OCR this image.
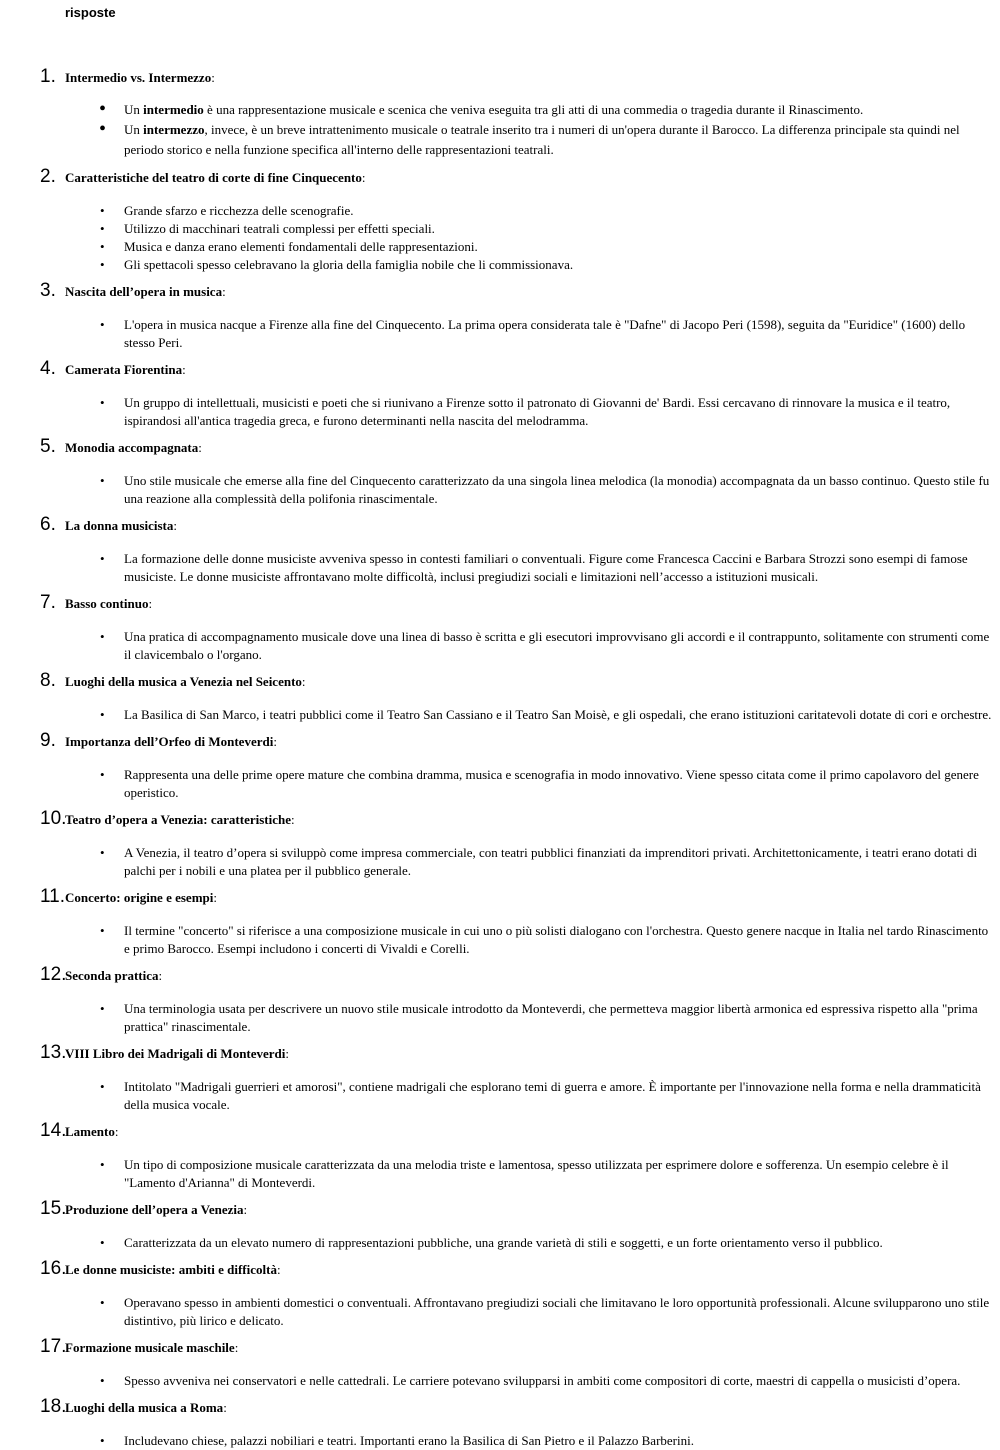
risposte
1. Intermedio vs. Intermezzo:
• Un intermedio è una rappresentazione musicale e scenica che veniva eseguita tra gli atti di una commedia o tragedia durante il Rinascimento.
• Un intermezzo, invece, è un breve intrattenimento musicale o teatrale inserito tra i numeri di un'opera durante il Barocco. La differenza principale sta quindi nel periodo storico e nella funzione specifica all'interno delle rappresentazioni teatrali.
2. Caratteristiche del teatro di corte di fine Cinquecento:
• Grande sfarzo e ricchezza delle scenografie.
• Utilizzo di macchinari teatrali complessi per effetti speciali.
• Musica e danza erano elementi fondamentali delle rappresentazioni.
• Gli spettacoli spesso celebravano la gloria della famiglia nobile che li commissionava.
3. Nascita dell’opera in musica:
• L'opera in musica nacque a Firenze alla fine del Cinquecento. La prima opera considerata tale è "Dafne" di Jacopo Peri (1598), seguita da "Euridice" (1600) dello stesso Peri.
4. Camerata Fiorentina:
• Un gruppo di intellettuali, musicisti e poeti che si riunivano a Firenze sotto il patronato di Giovanni de' Bardi. Essi cercavano di rinnovare la musica e il teatro, ispirandosi all'antica tragedia greca, e furono determinanti nella nascita del melodramma.
5. Monodia accompagnata:
• Uno stile musicale che emerse alla fine del Cinquecento caratterizzato da una singola linea melodica (la monodia) accompagnata da un basso continuo. Questo stile fu una reazione alla complessità della polifonia rinascimentale.
6. La donna musicista:
• La formazione delle donne musiciste avveniva spesso in contesti familiari o conventuali. Figure come Francesca Caccini e Barbara Strozzi sono esempi di famose musiciste. Le donne musiciste affrontavano molte difficoltà, inclusi pregiudizi sociali e limitazioni nell’accesso a istituzioni musicali.
7. Basso continuo:
• Una pratica di accompagnamento musicale dove una linea di basso è scritta e gli esecutori improvvisano gli accordi e il contrappunto, solitamente con strumenti come il clavicembalo o l'organo.
8. Luoghi della musica a Venezia nel Seicento:
• La Basilica di San Marco, i teatri pubblici come il Teatro San Cassiano e il Teatro San Moisè, e gli ospedali, che erano istituzioni caritatevoli dotate di cori e orchestre.
9. Importanza dell’Orfeo di Monteverdi:
• Rappresenta una delle prime opere mature che combina dramma, musica e scenografia in modo innovativo. Viene spesso citata come il primo capolavoro del genere operistico.
10.
Teatro d’opera a Venezia: caratteristiche:
• A Venezia, il teatro d’opera si sviluppò come impresa commerciale, con teatri pubblici finanziati da imprenditori privati. Architettonicamente, i teatri erano dotati di palchi per i nobili e una platea per il pubblico generale.
11. Concerto: origine e esempi:
• Il termine "concerto" si riferisce a una composizione musicale in cui uno o più solisti dialogano con l'orchestra. Questo genere nacque in Italia nel tardo Rinascimento e primo Barocco. Esempi includono i concerti di Vivaldi e Corelli.
12.
Seconda prattica:
• Una terminologia usata per descrivere un nuovo stile musicale introdotto da Monteverdi, che permetteva maggior libertà armonica ed espressiva rispetto alla "prima prattica" rinascimentale.
13.
VIII Libro dei Madrigali di Monteverdi:
• Intitolato "Madrigali guerrieri et amorosi", contiene madrigali che esplorano temi di guerra e amore. È importante per l'innovazione nella forma e nella drammaticità della musica vocale.
14.
Lamento:
• Un tipo di composizione musicale caratterizzata da una melodia triste e lamentosa, spesso utilizzata per esprimere dolore e sofferenza. Un esempio celebre è il "Lamento d'Arianna" di Monteverdi.
15.
Produzione dell’opera a Venezia:
• Caratterizzata da un elevato numero di rappresentazioni pubbliche, una grande varietà di stili e soggetti, e un forte orientamento verso il pubblico.
16.
Le donne musiciste: ambiti e difficoltà:
• Operavano spesso in ambienti domestici o conventuali. Affrontavano pregiudizi sociali che limitavano le loro opportunità professionali. Alcune svilupparono uno stile distintivo, più lirico e delicato.
17.
Formazione musicale maschile:
• Spesso avveniva nei conservatori e nelle cattedrali. Le carriere potevano svilupparsi in ambiti come compositori di corte, maestri di cappella o musicisti d’opera.
18.
Luoghi della musica a Roma:
• Includevano chiese, palazzi nobiliari e teatri. Importanti erano la Basilica di San Pietro e il Palazzo Barberini.
